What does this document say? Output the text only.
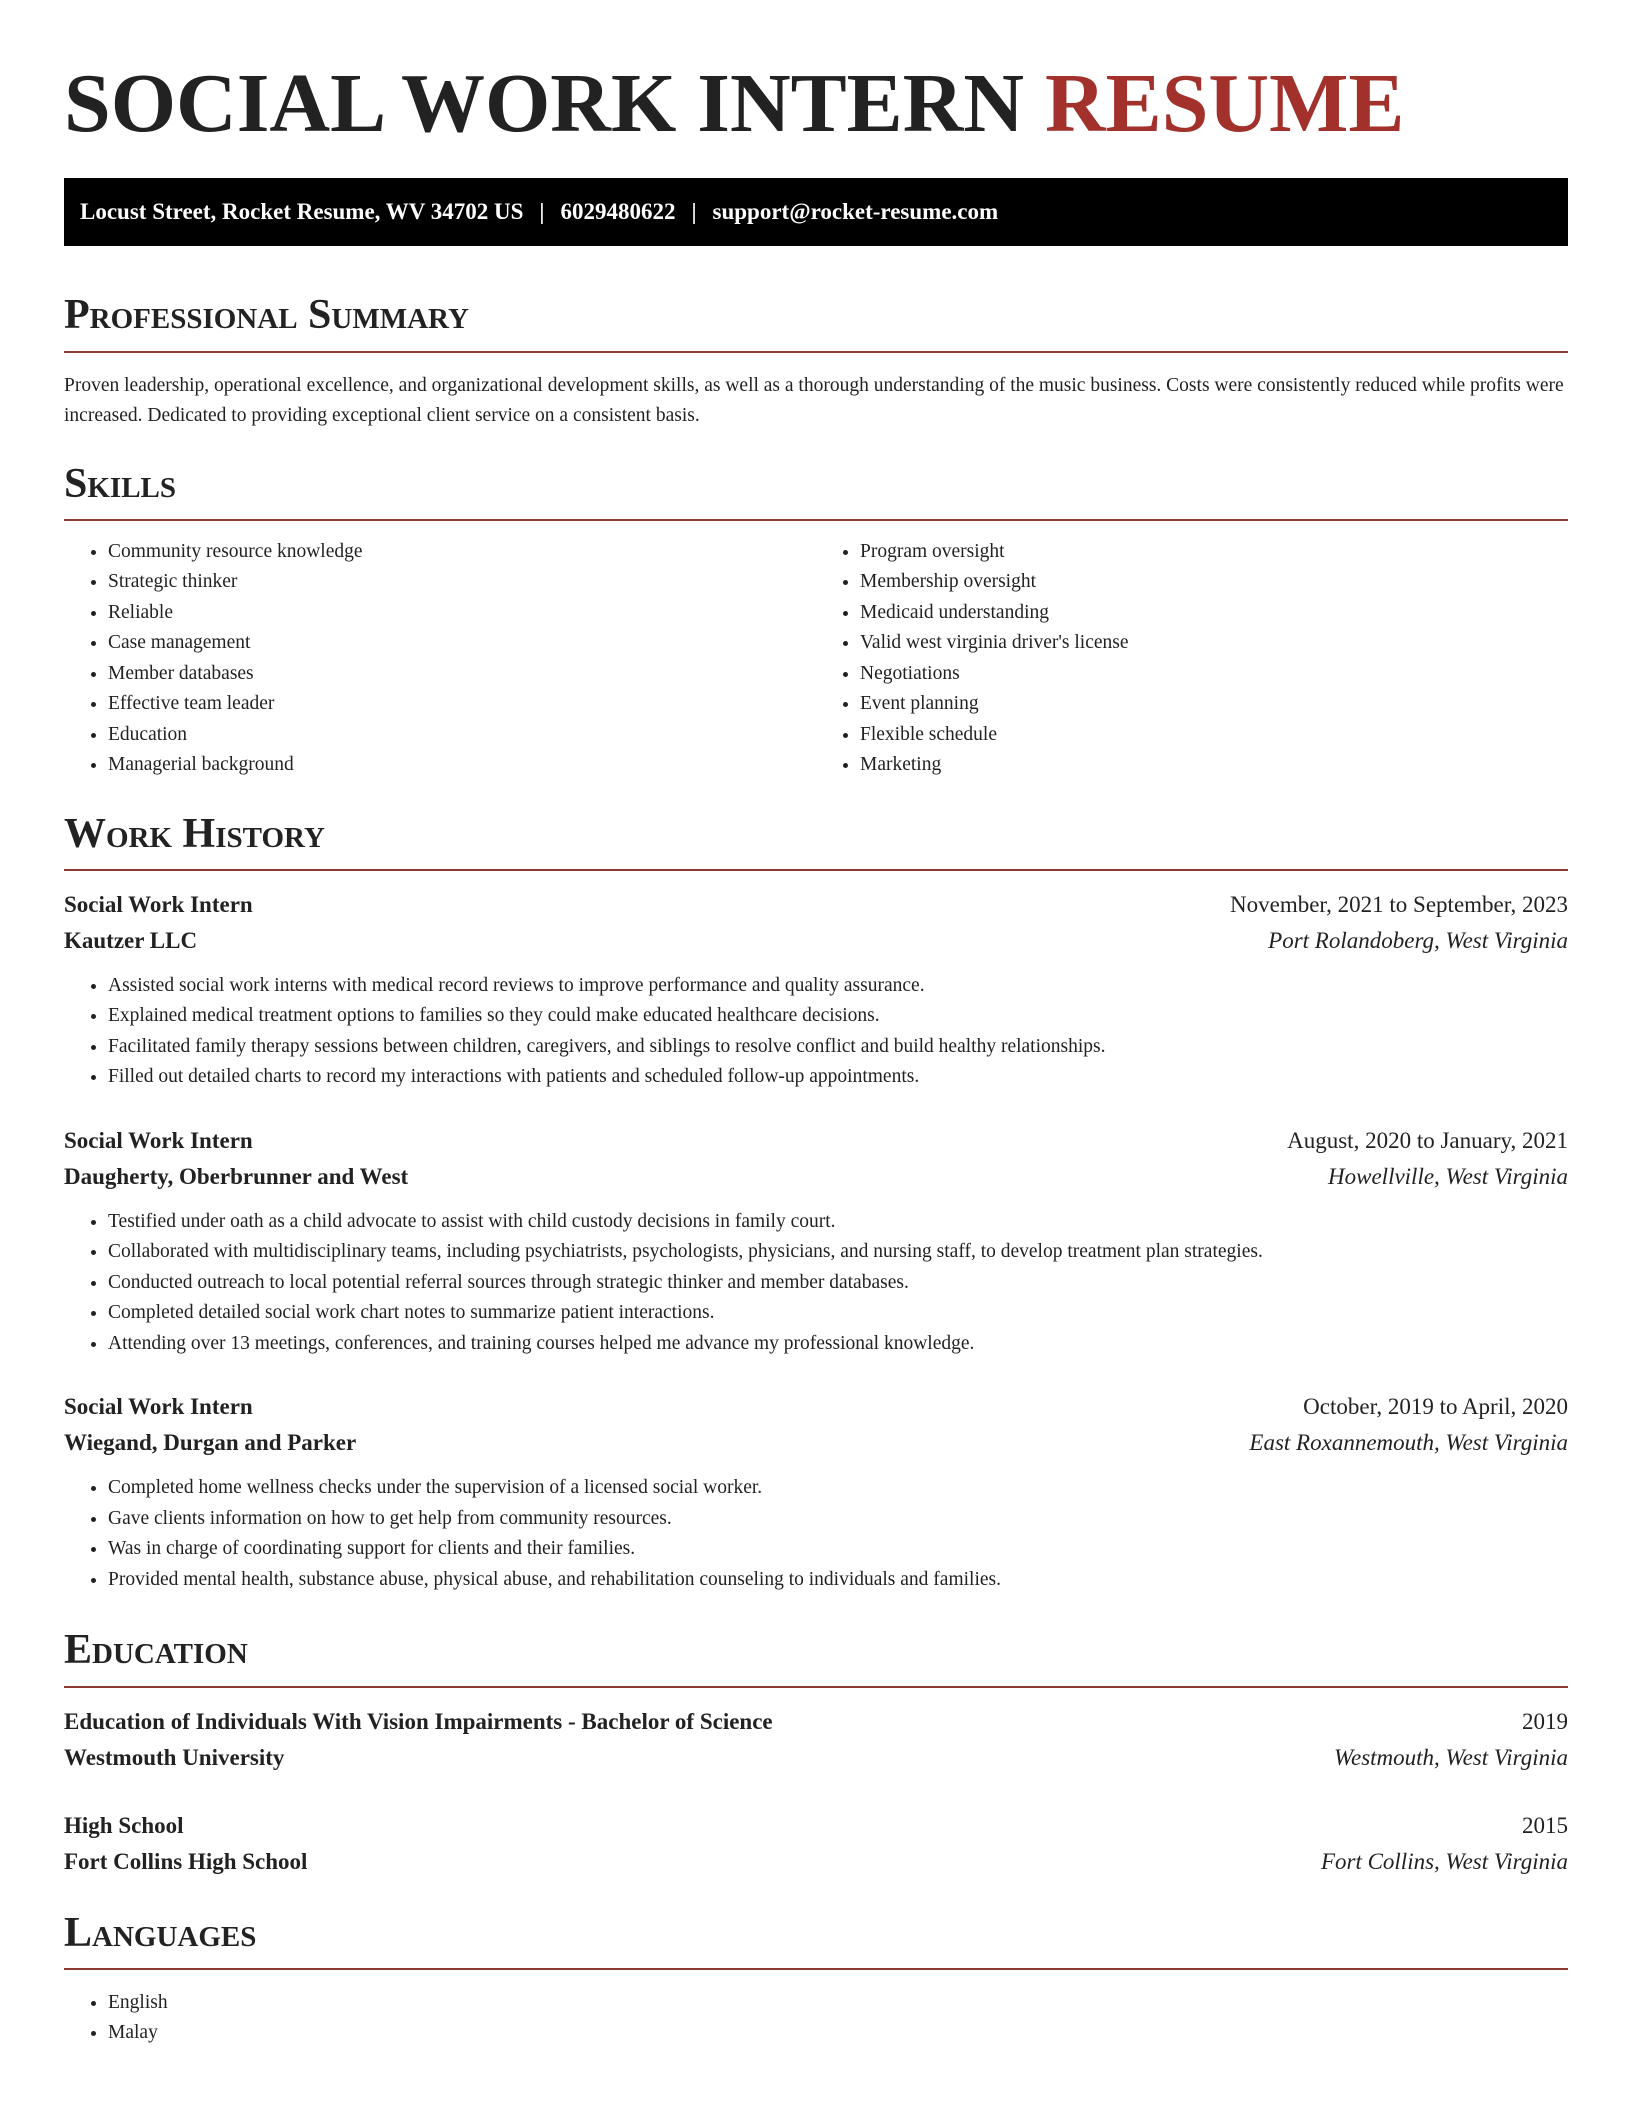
SOCIAL WORK INTERN RESUME
Locust Street, Rocket Resume, WV 34702 US | 6029480622 | support@rocket-resume.com
Professional Summary

Proven leadership, operational excellence, and organizational development skills, as well as a thorough understanding of the music business. Costs were consistently reduced while profits were increased. Dedicated to providing exceptional client service on a consistent basis.

Skills
• Community resource knowledge
• Strategic thinker
• Reliable
• Case management
• Member databases
• Effective team leader
• Education
• Managerial background
• Program oversight
• Membership oversight
• Medicaid understanding
• Valid west virginia driver's license
• Negotiations
• Event planning
• Flexible schedule
• Marketing
Work History
Social Work Intern	November, 2021 to September, 2023
Kautzer LLC	Port Rolandoberg, West Virginia
• Assisted social work interns with medical record reviews to improve performance and quality assurance.
• Explained medical treatment options to families so they could make educated healthcare decisions.
• Facilitated family therapy sessions between children, caregivers, and siblings to resolve conflict and build healthy relationships.
• Filled out detailed charts to record my interactions with patients and scheduled follow-up appointments.
Social Work Intern	August, 2020 to January, 2021
Daugherty, Oberbrunner and West	Howellville, West Virginia
• Testified under oath as a child advocate to assist with child custody decisions in family court.
• Collaborated with multidisciplinary teams, including psychiatrists, psychologists, physicians, and nursing staff, to develop treatment plan strategies.
• Conducted outreach to local potential referral sources through strategic thinker and member databases.
• Completed detailed social work chart notes to summarize patient interactions.
• Attending over 13 meetings, conferences, and training courses helped me advance my professional knowledge.
Social Work Intern	October, 2019 to April, 2020
Wiegand, Durgan and Parker	East Roxannemouth, West Virginia
• Completed home wellness checks under the supervision of a licensed social worker.
• Gave clients information on how to get help from community resources.
• Was in charge of coordinating support for clients and their families.
• Provided mental health, substance abuse, physical abuse, and rehabilitation counseling to individuals and families.
Education
Education of Individuals With Vision Impairments - Bachelor of Science	2019
Westmouth University	Westmouth, West Virginia
High School	2015
Fort Collins High School	Fort Collins, West Virginia
Languages
• English
• Malay
